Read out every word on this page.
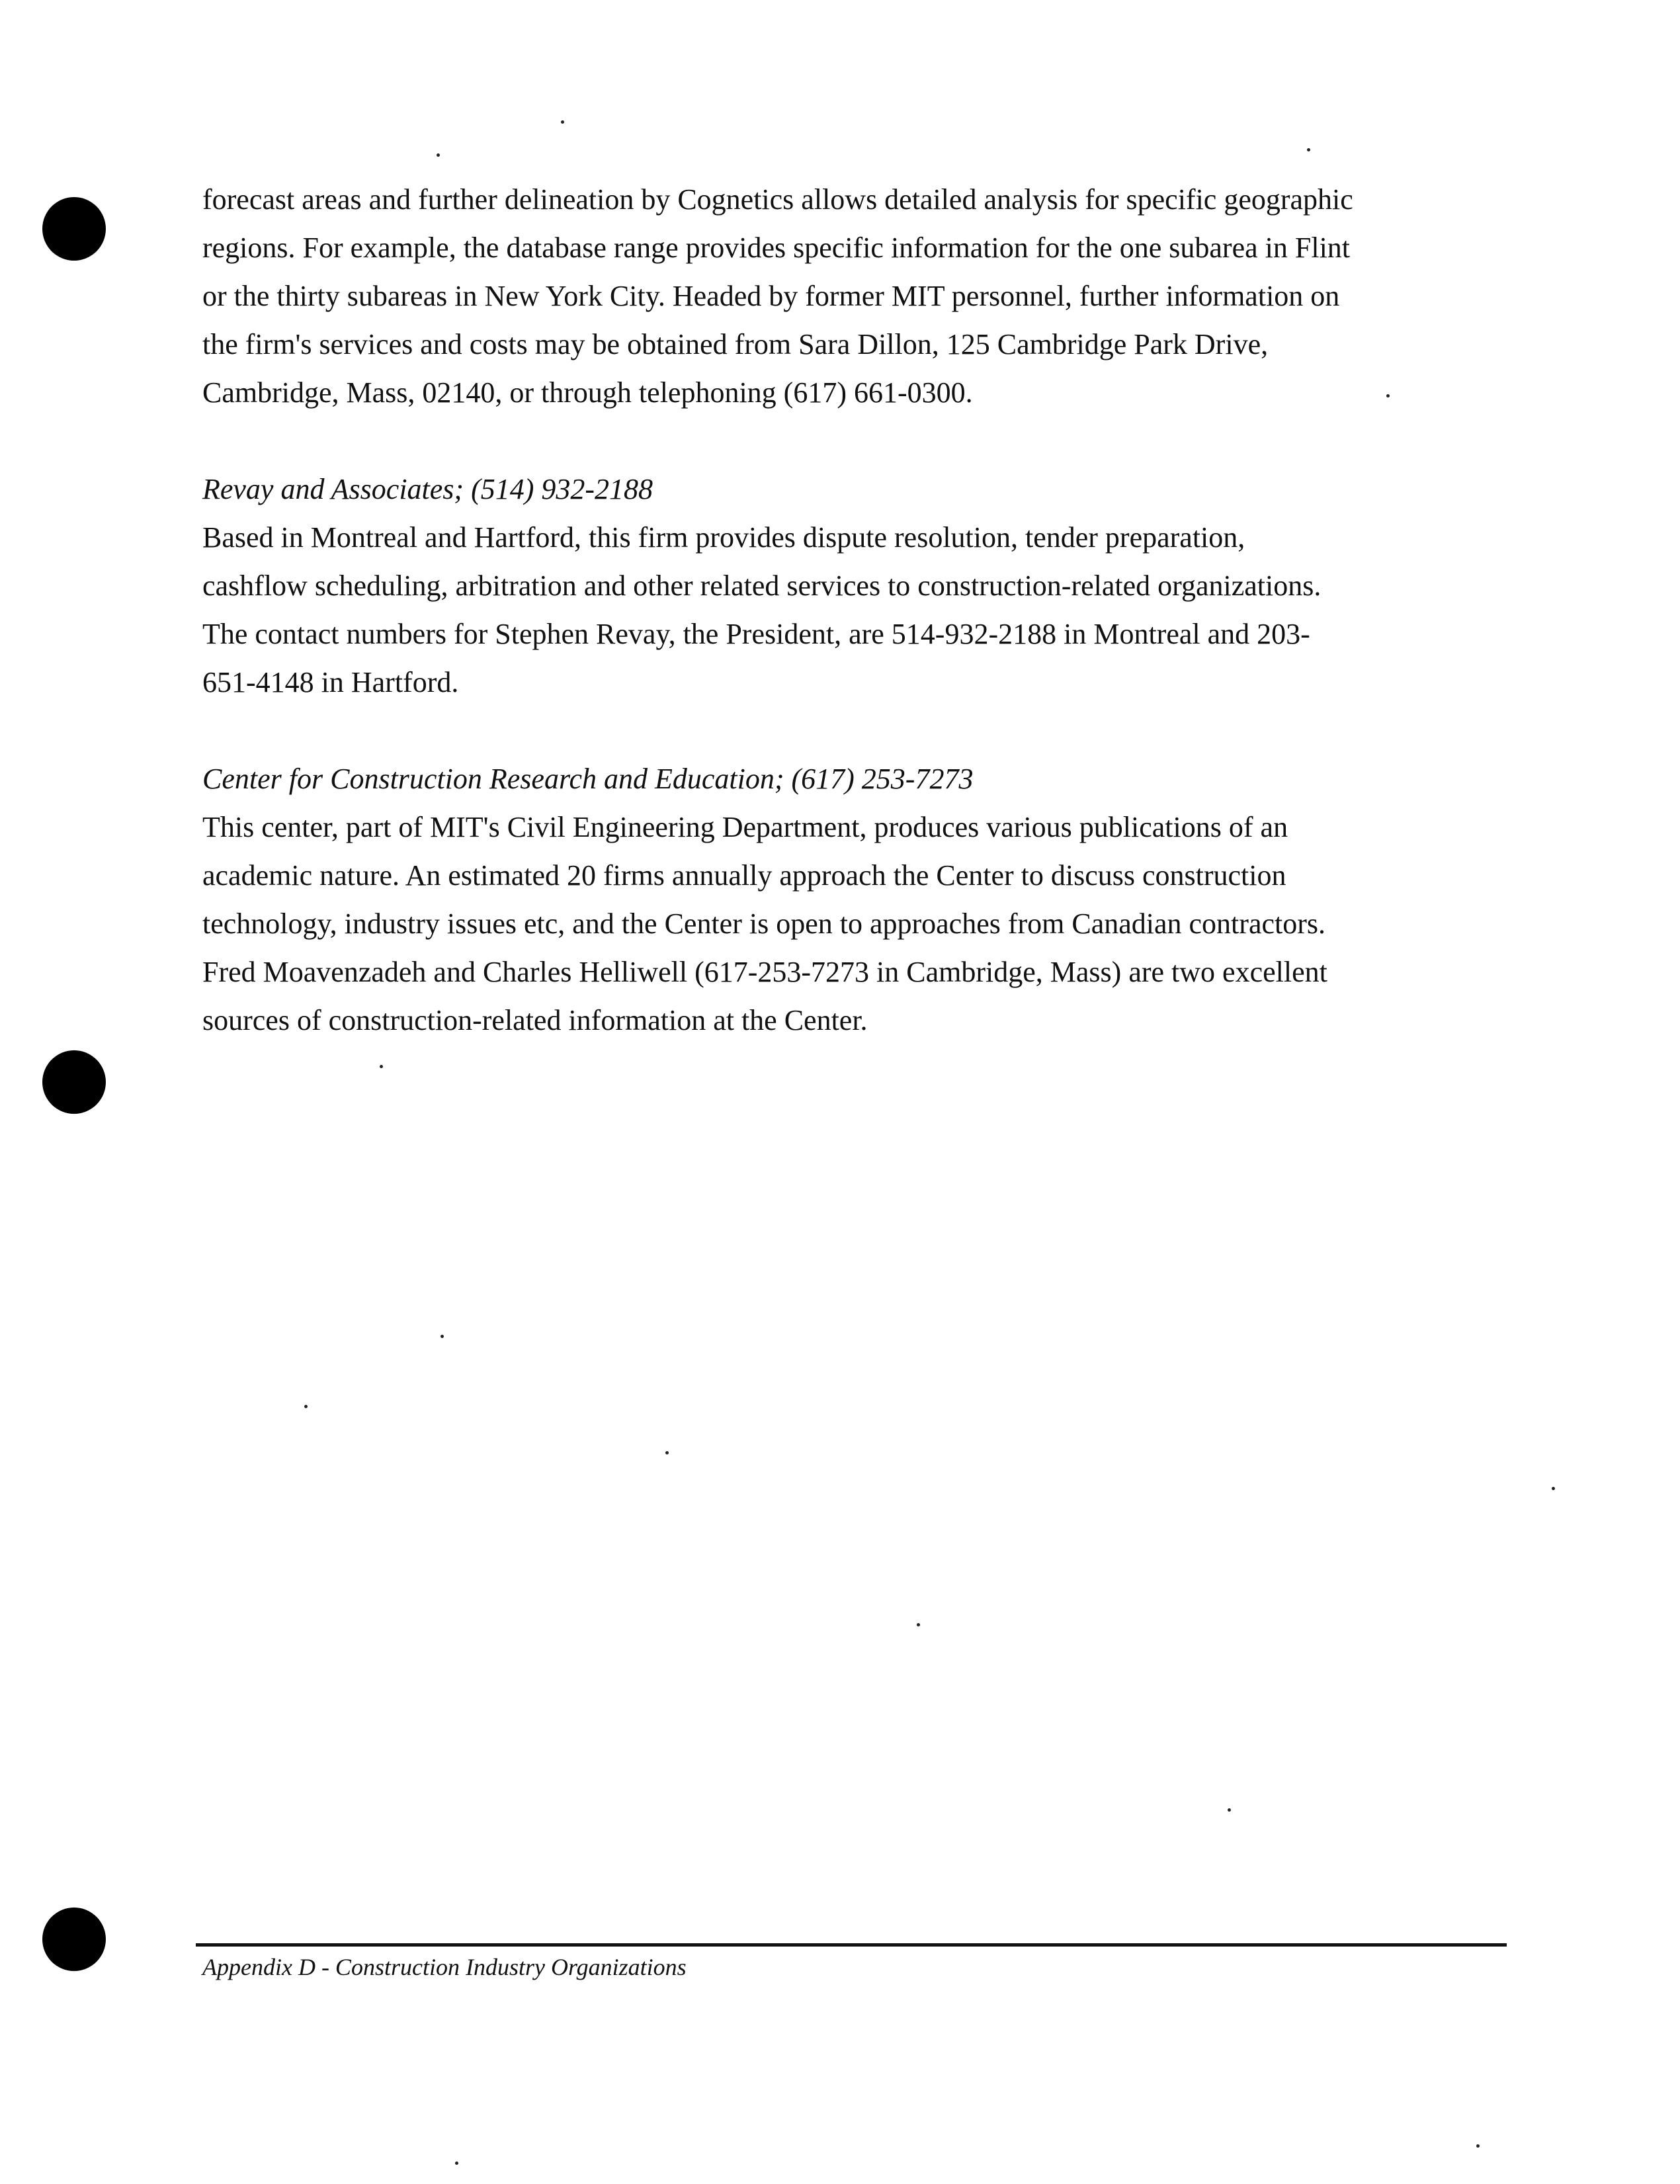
forecast areas and further delineation by Cognetics allows detailed analysis for specific geographic
regions. For example, the database range provides specific information for the one subarea in Flint
or the thirty subareas in New York City. Headed by former MIT personnel, further information on
the firm's services and costs may be obtained from Sara Dillon, 125 Cambridge Park Drive,
Cambridge, Mass, 02140, or through telephoning (617) 661-0300.

Revay and Associates; (514) 932-2188

Based in Montreal and Hartford, this firm provides dispute resolution, tender preparation,
cashflow scheduling, arbitration and other related services to construction-related organizations.
The contact numbers for Stephen Revay, the President, are 514-932-2188 in Montreal and 203-
651-4148 in Hartford.

Center for Construction Research and Education; (617) 253-7273

This center, part of MIT's Civil Engineering Department, produces various publications of an
academic nature. An estimated 20 firms annually approach the Center to discuss construction
technology, industry issues etc, and the Center is open to approaches from Canadian contractors.
Fred Moavenzadeh and Charles Helliwell (617-253-7273 in Cambridge, Mass) are two excellent
sources of construction-related information at the Center.

Appendix D - Construction Industry Organizations
